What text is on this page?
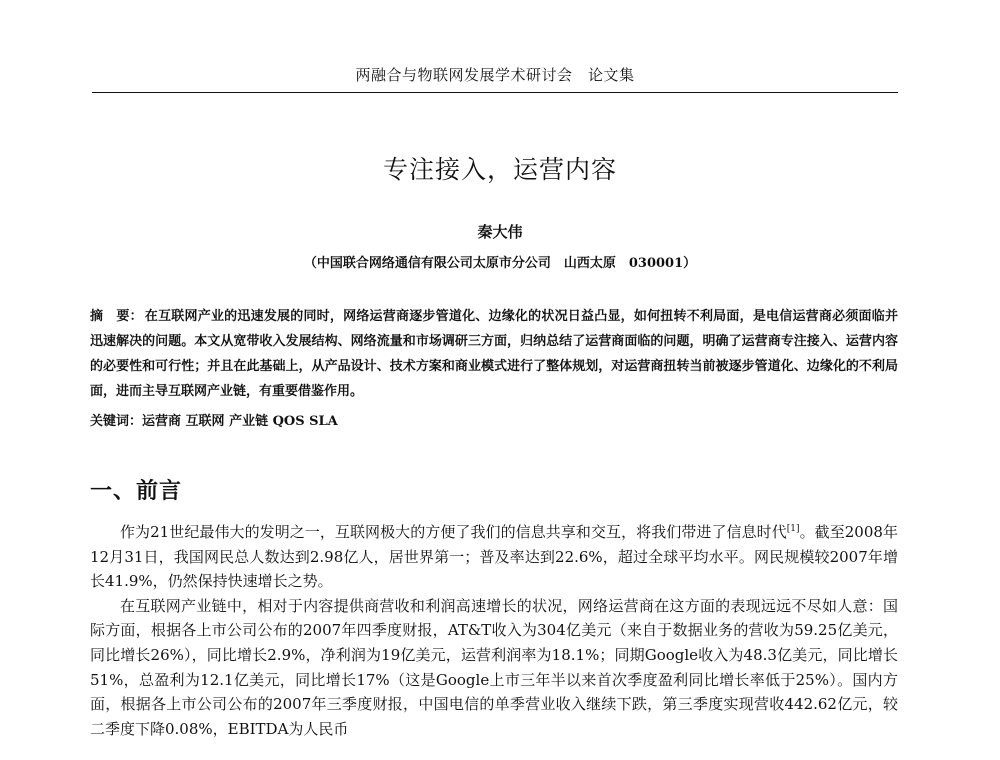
两融合与物联网发展学术研讨会　论文集
专注接入，运营内容
秦大伟
（中国联合网络通信有限公司太原市分公司　山西太原　030001）
摘　要： 在互联网产业的迅速发展的同时，网络运营商逐步管道化、边缘化的状况日益凸显，如何扭转不利局面，是电信运营商必须面临并迅速解决的问题。本文从宽带收入发展结构、网络流量和市场调研三方面，归纳总结了运营商面临的问题，明确了运营商专注接入、运营内容的必要性和可行性；并且在此基础上，从产品设计、技术方案和商业模式进行了整体规划，对运营商扭转当前被逐步管道化、边缘化的不利局面，进而主导互联网产业链，有重要借鉴作用。
关键词：运营商 互联网 产业链 QOS SLA
一、前言

作为21世纪最伟大的发明之一，互联网极大的方便了我们的信息共享和交互，将我们带进了信息时代[1]。截至2008年12月31日，我国网民总人数达到2.98亿人，居世界第一；普及率达到22.6%，超过全球平均水平。网民规模较2007年增长41.9%，仍然保持快速增长之势。

在互联网产业链中，相对于内容提供商营收和利润高速增长的状况，网络运营商在这方面的表现远远不尽如人意：国际方面，根据各上市公司公布的2007年四季度财报，AT&T收入为304亿美元（来自于数据业务的营收为59.25亿美元，同比增长26%），同比增长2.9%，净利润为19亿美元，运营利润率为18.1%；同期Google收入为48.3亿美元，同比增长51%，总盈利为12.1亿美元，同比增长17%（这是Google上市三年半以来首次季度盈利同比增长率低于25%）。国内方面，根据各上市公司公布的2007年三季度财报，中国电信的单季营业收入继续下跌，第三季度实现营收442.62亿元，较二季度下降0.08%，EBITDA为人民币
